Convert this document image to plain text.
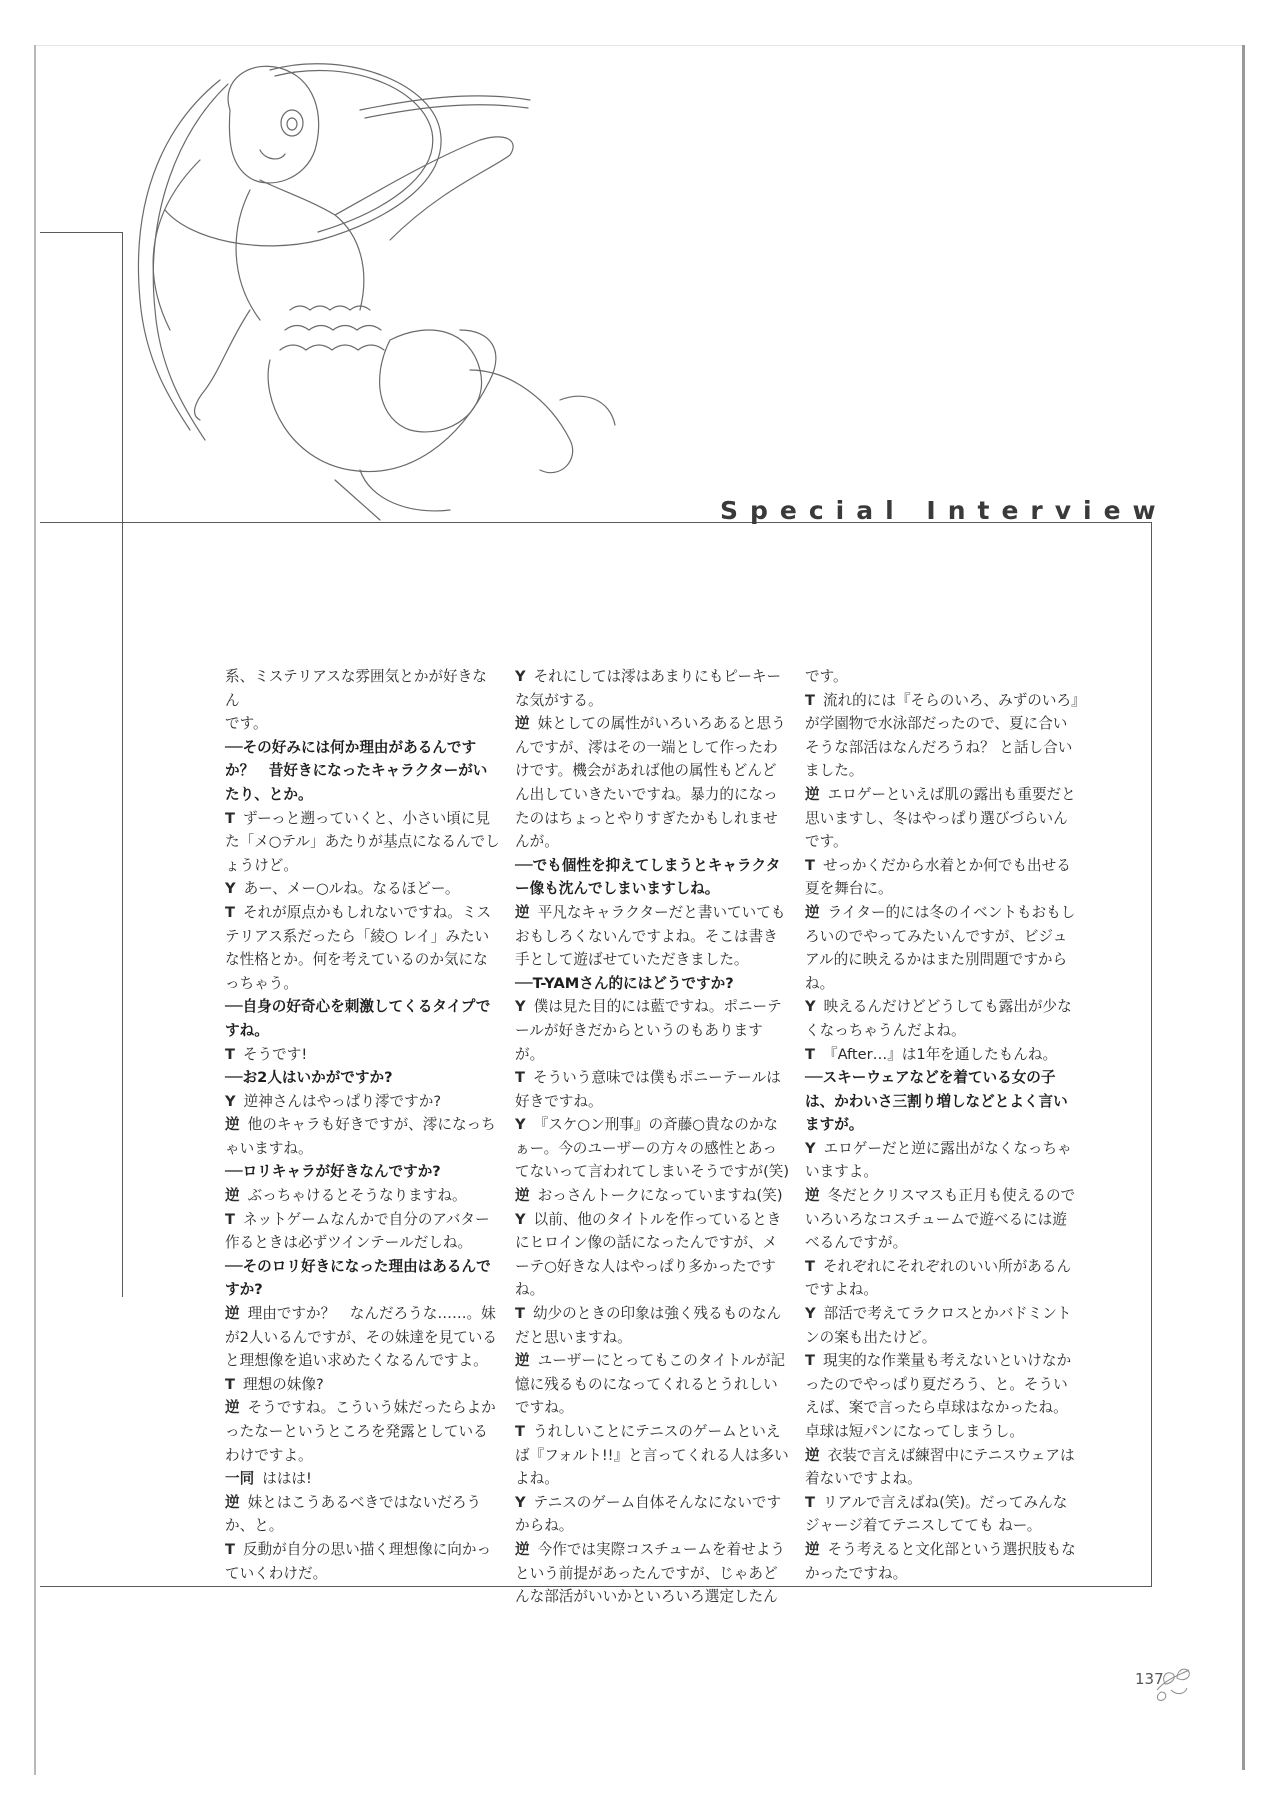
Special Interview

系、ミステリアスな雰囲気とかが好きなん
です。

──その好みには何か理由があるんですか？　昔好きになったキャラクターがいたり、とか。

T ずーっと遡っていくと、小さい頃に見た「メ○テル」あたりが基点になるんでしょうけど。

Y あー、メー○ルね。なるほどー。

T それが原点かもしれないですね。ミステリアス系だったら「綾○ レイ」みたいな性格とか。何を考えているのか気になっちゃう。

──自身の好奇心を刺激してくるタイプですね。

T そうです!

──お2人はいかがですか?

Y 逆神さんはやっぱり澪ですか?

逆 他のキャラも好きですが、澪になっちゃいますね。

──ロリキャラが好きなんですか?

逆 ぶっちゃけるとそうなりますね。

T ネットゲームなんかで自分のアバター作るときは必ずツインテールだしね。

──そのロリ好きになった理由はあるんですか?

逆 理由ですか？　なんだろうな……。妹が2人いるんですが、その妹達を見ていると理想像を追い求めたくなるんですよ。

T 理想の妹像?

逆 そうですね。こういう妹だったらよかったなーというところを発露としているわけですよ。

一同 ははは!

逆 妹とはこうあるべきではないだろうか、と。

T 反動が自分の思い描く理想像に向かっていくわけだ。

Y それにしては澪はあまりにもピーキーな気がする。

逆 妹としての属性がいろいろあると思うんですが、澪はその一端として作ったわけです。機会があれば他の属性もどんどん出していきたいですね。暴力的になったのはちょっとやりすぎたかもしれませんが。

──でも個性を抑えてしまうとキャラクター像も沈んでしまいますしね。

逆 平凡なキャラクターだと書いていてもおもしろくないんですよね。そこは書き手として遊ばせていただきました。

──T-YAMさん的にはどうですか?

Y 僕は見た目的には藍ですね。ポニーテールが好きだからというのもありますが。

T そういう意味では僕もポニーテールは好きですね。

Y 『スケ○ン刑事』の斉藤○貴なのかなぁー。今のユーザーの方々の感性とあってないって言われてしまいそうですが(笑)

逆 おっさんトークになっていますね(笑)

Y 以前、他のタイトルを作っているときにヒロイン像の話になったんですが、メーテ○好きな人はやっぱり多かったですね。

T 幼少のときの印象は強く残るものなんだと思いますね。

逆 ユーザーにとってもこのタイトルが記憶に残るものになってくれるとうれしいですね。

T うれしいことにテニスのゲームといえば『フォルト!!』と言ってくれる人は多いよね。

Y テニスのゲーム自体そんなにないですからね。

逆 今作では実際コスチュームを着せようという前提があったんですが、じゃあどんな部活がいいかといろいろ選定したん

です。

T 流れ的には『そらのいろ、みずのいろ』が学園物で水泳部だったので、夏に合いそうな部活はなんだろうね？ と話し合いました。

逆 エロゲーといえば肌の露出も重要だと思いますし、冬はやっぱり選びづらいんです。

T せっかくだから水着とか何でも出せる夏を舞台に。

逆 ライター的には冬のイベントもおもしろいのでやってみたいんですが、ビジュアル的に映えるかはまた別問題ですからね。

Y 映えるんだけどどうしても露出が少なくなっちゃうんだよね。

T 『After…』は1年を通したもんね。

──スキーウェアなどを着ている女の子は、かわいさ三割り増しなどとよく言いますが。

Y エロゲーだと逆に露出がなくなっちゃいますよ。

逆 冬だとクリスマスも正月も使えるのでいろいろなコスチュームで遊べるには遊べるんですが。

T それぞれにそれぞれのいい所があるんですよね。

Y 部活で考えてラクロスとかバドミントンの案も出たけど。

T 現実的な作業量も考えないといけなかったのでやっぱり夏だろう、と。そういえば、案で言ったら卓球はなかったね。卓球は短パンになってしまうし。

逆 衣装で言えば練習中にテニスウェアは着ないですよね。

T リアルで言えばね(笑)。だってみんなジャージ着てテニスしてても ねー。

逆 そう考えると文化部という選択肢もなかったですね。

137
